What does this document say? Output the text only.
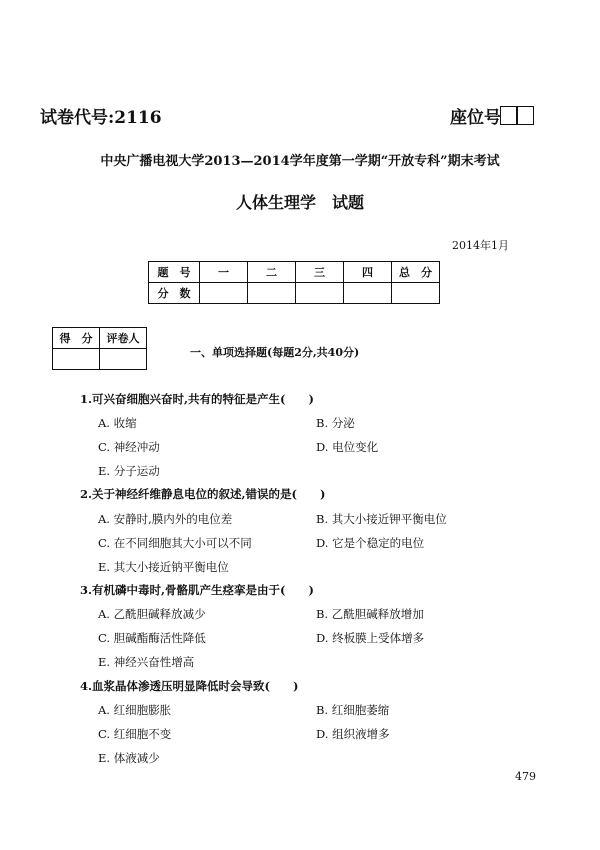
试卷代号:2116	座位号
中央广播电视大学2013—2014学年度第一学期“开放专科”期末考试
人体生理学　试题
2014年1月
题　号	一	二	三	四	总　分
分　数					
得　分	评卷人

一、单项选择题(每题2分,共40分)
1.可兴奋细胞兴奋时,共有的特征是产生(　　)
A. 收缩	B. 分泌
C. 神经冲动	D. 电位变化
E. 分子运动
2.关于神经纤维静息电位的叙述,错误的是(　　)
A. 安静时,膜内外的电位差	B. 其大小接近钾平衡电位
C. 在不同细胞其大小可以不同	D. 它是个稳定的电位
E. 其大小接近钠平衡电位
3.有机磷中毒时,骨骼肌产生痉挛是由于(　　)
A. 乙酰胆碱释放减少	B. 乙酰胆碱释放增加
C. 胆碱酯酶活性降低	D. 终板膜上受体增多
E. 神经兴奋性增高
4.血浆晶体渗透压明显降低时会导致(　　)
A. 红细胞膨胀	B. 红细胞萎缩
C. 红细胞不变	D. 组织液增多
E. 体液减少
479
